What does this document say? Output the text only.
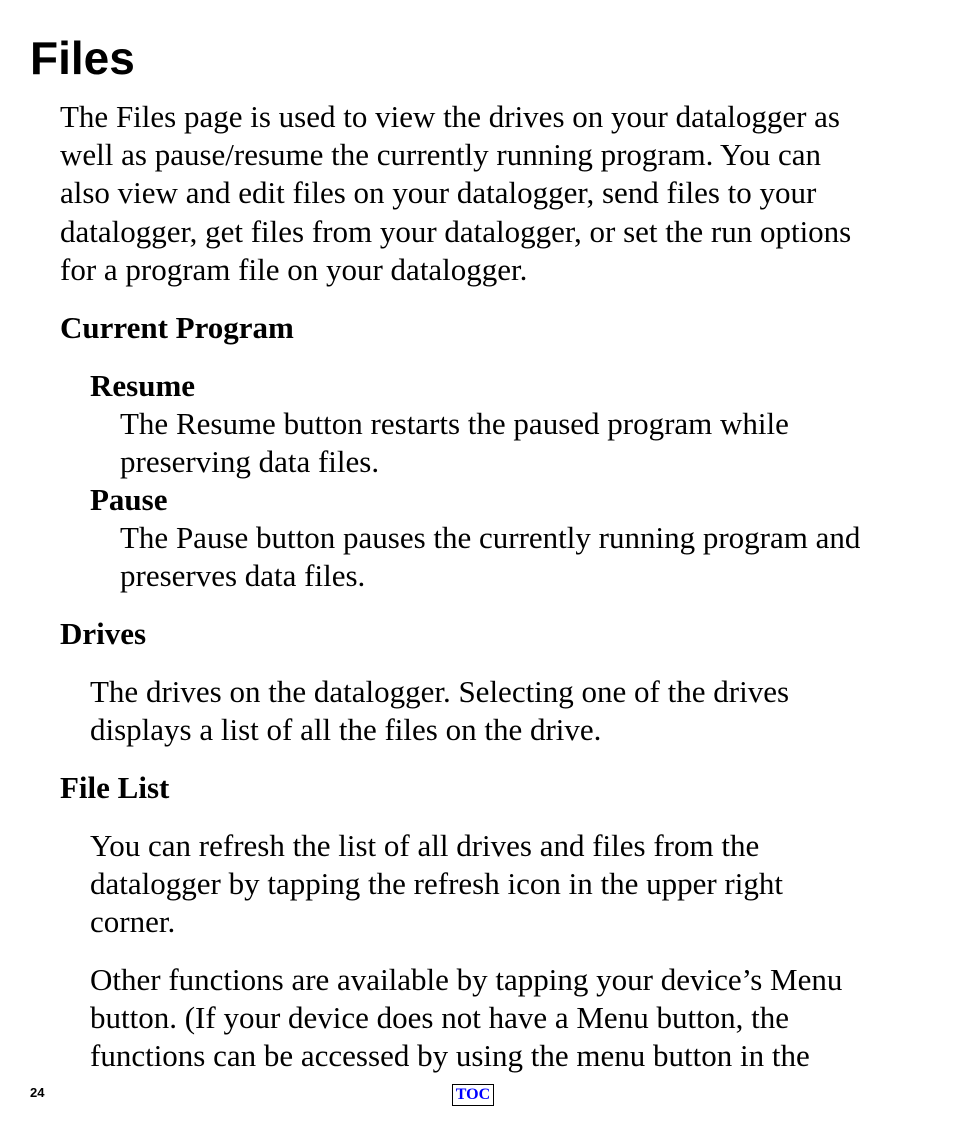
Files

The Files page is used to view the drives on your datalogger as
well as pause/resume the currently running program. You can
also view and edit files on your datalogger, send files to your
datalogger, get files from your datalogger, or set the run options
for a program file on your datalogger.

Current Program
Resume

The Resume button restarts the paused program while
preserving data files.

Pause

The Pause button pauses the currently running program and
preserves data files.

Drives

The drives on the datalogger. Selecting one of the drives
displays a list of all the files on the drive.

File List

You can refresh the list of all drives and files from the
datalogger by tapping the refresh icon in the upper right
corner.

Other functions are available by tapping your device’s Menu
button. (If your device does not have a Menu button, the
functions can be accessed by using the menu button in the

24	TOC
